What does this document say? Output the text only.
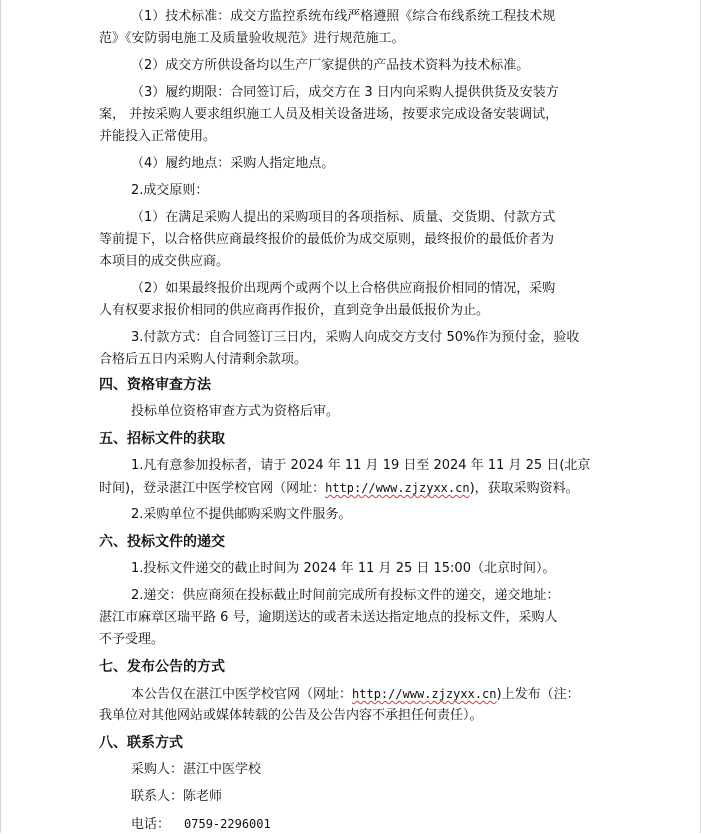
（1）技术标准：成交方监控系统布线严格遵照《综合布线系统工程技术规
范》《安防弱电施工及质量验收规范》进行规范施工。
（2）成交方所供设备均以生产厂家提供的产品技术资料为技术标准。
（3）履约期限：合同签订后，成交方在 3 日内向采购人提供供货及安装方
案， 并按采购人要求组织施工人员及相关设备进场，按要求完成设备安装调试，
并能投入正常使用。
（4）履约地点：采购人指定地点。
2.成交原则：
（1）在满足采购人提出的采购项目的各项指标、质量、交货期、付款方式
等前提下，以合格供应商最终报价的最低价为成交原则，最终报价的最低价者为
本项目的成交供应商。
（2）如果最终报价出现两个或两个以上合格供应商报价相同的情况，采购
人有权要求报价相同的供应商再作报价，直到竞争出最低报价为止。
3.付款方式：自合同签订三日内，采购人向成交方支付 50%作为预付金，验收
合格后五日内采购人付清剩余款项。
四、资格审查方法
投标单位资格审查方式为资格后审。
五、招标文件的获取
1.凡有意参加投标者，请于 2024 年 11 月 19 日至 2024 年 11 月 25 日(北京
时间)，登录湛江中医学校官网（网址：http://www.zjzyxx.cn)，获取采购资料。
2.采购单位不提供邮购采购文件服务。
六、投标文件的递交
1.投标文件递交的截止时间为 2024 年 11 月 25 日 15:00（北京时间）。
2.递交：供应商须在投标截止时间前完成所有投标文件的递交，递交地址：
湛江市麻章区瑞平路 6 号，逾期送达的或者未送达指定地点的投标文件，采购人
不予受理。
七、发布公告的方式
本公告仅在湛江中医学校官网（网址：http://www.zjzyxx.cn)上发布（注：
我单位对其他网站或媒体转载的公告及公告内容不承担任何责任）。
八、联系方式
采购人：湛江中医学校
联系人：陈老师
电话： 0759-2296001
